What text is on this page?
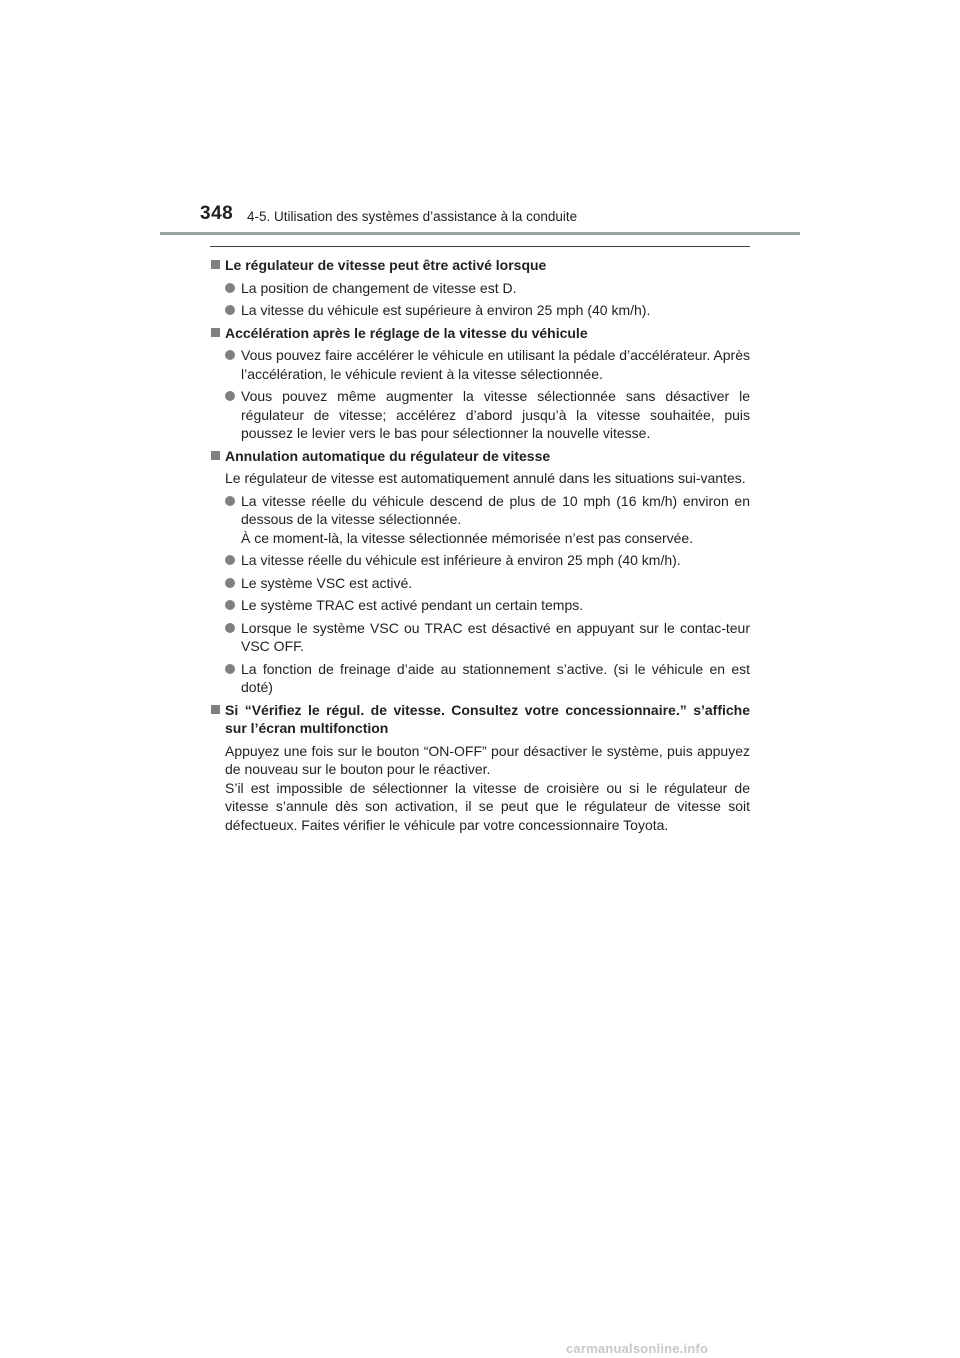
348 4-5. Utilisation des systèmes d’assistance à la conduite
Le régulateur de vitesse peut être activé lorsque
La position de changement de vitesse est D.
La vitesse du véhicule est supérieure à environ 25 mph (40 km/h).
Accélération après le réglage de la vitesse du véhicule
Vous pouvez faire accélérer le véhicule en utilisant la pédale d’accélérateur. Après l’accélération, le véhicule revient à la vitesse sélectionnée.
Vous pouvez même augmenter la vitesse sélectionnée sans désactiver le régulateur de vitesse; accélérez d’abord jusqu’à la vitesse souhaitée, puis poussez le levier vers le bas pour sélectionner la nouvelle vitesse.
Annulation automatique du régulateur de vitesse
Le régulateur de vitesse est automatiquement annulé dans les situations sui-vantes.
La vitesse réelle du véhicule descend de plus de 10 mph (16 km/h) environ en dessous de la vitesse sélectionnée.
À ce moment-là, la vitesse sélectionnée mémorisée n’est pas conservée.
La vitesse réelle du véhicule est inférieure à environ 25 mph (40 km/h).
Le système VSC est activé.
Le système TRAC est activé pendant un certain temps.
Lorsque le système VSC ou TRAC est désactivé en appuyant sur le contac-teur VSC OFF.
La fonction de freinage d’aide au stationnement s’active. (si le véhicule en est doté)
Si “Vérifiez le régul. de vitesse. Consultez votre concessionnaire.” s’affiche sur l’écran multifonction
Appuyez une fois sur le bouton “ON-OFF” pour désactiver le système, puis appuyez de nouveau sur le bouton pour le réactiver.
S’il est impossible de sélectionner la vitesse de croisière ou si le régulateur de vitesse s’annule dès son activation, il se peut que le régulateur de vitesse soit défectueux. Faites vérifier le véhicule par votre concessionnaire Toyota.
carmanualsonline.info
